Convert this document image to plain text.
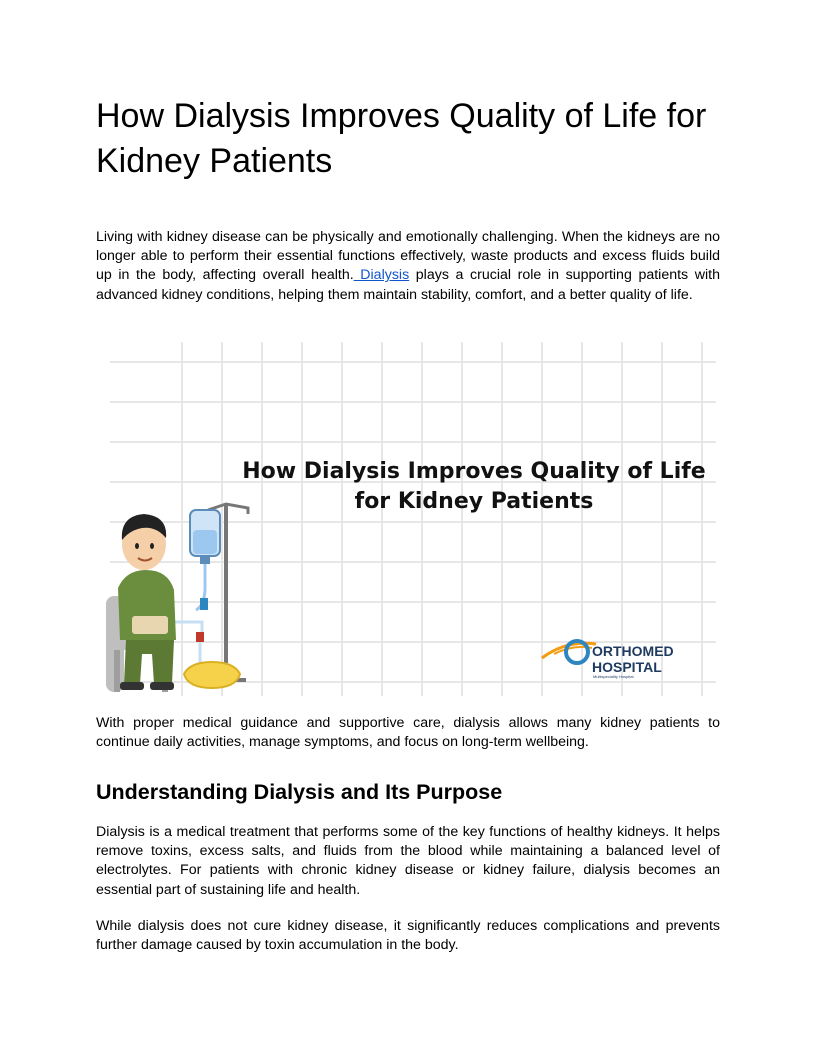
How Dialysis Improves Quality of Life for Kidney Patients

Living with kidney disease can be physically and emotionally challenging. When the kidneys are no longer able to perform their essential functions effectively, waste products and excess fluids build up in the body, affecting overall health. Dialysis plays a crucial role in supporting patients with advanced kidney conditions, helping them maintain stability, comfort, and a better quality of life.

How Dialysis Improves Quality of Life
for Kidney Patients
ORTHOMED
HOSPITAL
Multispeciality Hospital

With proper medical guidance and supportive care, dialysis allows many kidney patients to continue daily activities, manage symptoms, and focus on long-term wellbeing.

Understanding Dialysis and Its Purpose

Dialysis is a medical treatment that performs some of the key functions of healthy kidneys. It helps remove toxins, excess salts, and fluids from the blood while maintaining a balanced level of electrolytes. For patients with chronic kidney disease or kidney failure, dialysis becomes an essential part of sustaining life and health.

While dialysis does not cure kidney disease, it significantly reduces complications and prevents further damage caused by toxin accumulation in the body.
